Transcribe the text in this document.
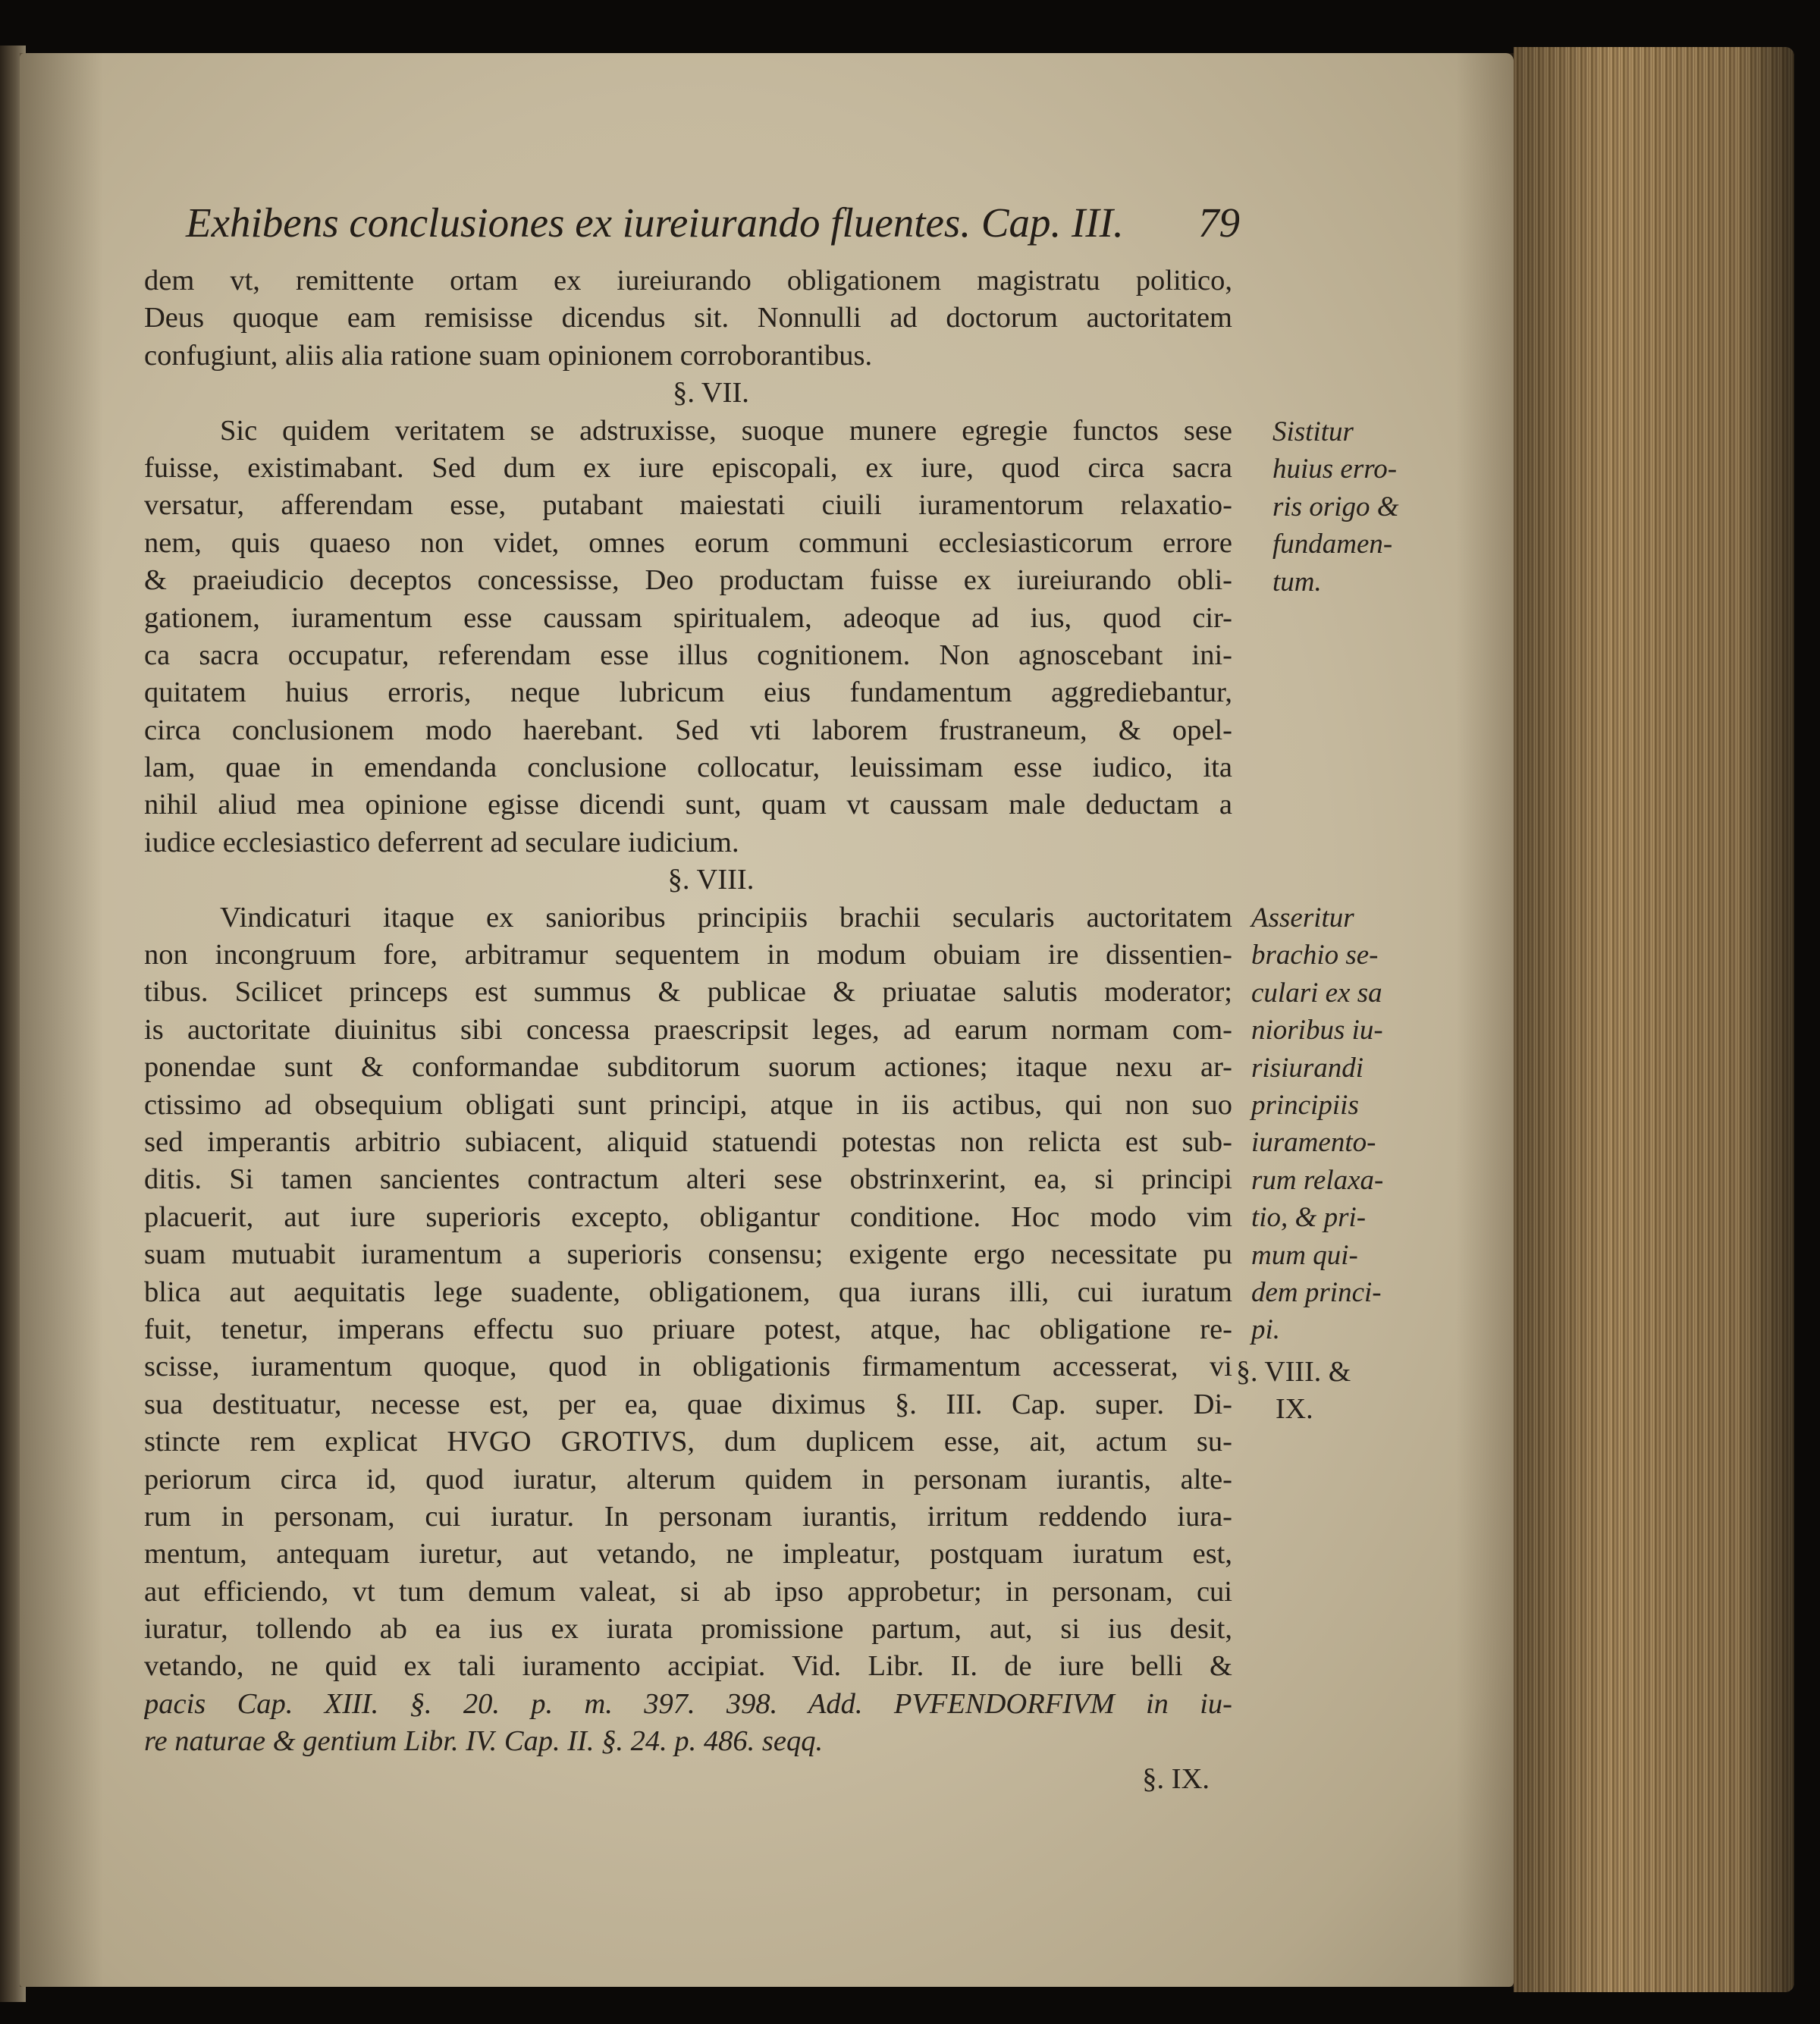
Exhibens conclusiones ex iureiurando fluentes. Cap. III.	79
dem vt, remittente ortam ex iureiurando obligationem magistratu politico,
Deus quoque eam remisisse dicendus sit. Nonnulli ad doctorum auctoritatem
confugiunt, aliis alia ratione suam opinionem corroborantibus.
§. VII.
Sic quidem veritatem se adstruxisse, suoque munere egregie functos sese
fuisse, existimabant. Sed dum ex iure episcopali, ex iure, quod circa sacra
versatur, afferendam esse, putabant maiestati ciuili iuramentorum relaxatio-
nem, quis quaeso non videt, omnes eorum communi ecclesiasticorum errore
& praeiudicio deceptos concessisse, Deo productam fuisse ex iureiurando obli-
gationem, iuramentum esse caussam spiritualem, adeoque ad ius, quod cir-
ca sacra occupatur, referendam esse illus cognitionem. Non agnoscebant ini-
quitatem huius erroris, neque lubricum eius fundamentum aggrediebantur,
circa conclusionem modo haerebant. Sed vti laborem frustraneum, & opel-
lam, quae in emendanda conclusione collocatur, leuissimam esse iudico, ita
nihil aliud mea opinione egisse dicendi sunt, quam vt caussam male deductam a
iudice ecclesiastico deferrent ad seculare iudicium.
§. VIII.
Vindicaturi itaque ex sanioribus principiis brachii secularis auctoritatem
non incongruum fore, arbitramur sequentem in modum obuiam ire dissentien-
tibus. Scilicet princeps est summus & publicae & priuatae salutis moderator;
is auctoritate diuinitus sibi concessa praescripsit leges, ad earum normam com-
ponendae sunt & conformandae subditorum suorum actiones; itaque nexu ar-
ctissimo ad obsequium obligati sunt principi, atque in iis actibus, qui non suo
sed imperantis arbitrio subiacent, aliquid statuendi potestas non relicta est sub-
ditis. Si tamen sancientes contractum alteri sese obstrinxerint, ea, si principi
placuerit, aut iure superioris excepto, obligantur conditione. Hoc modo vim
suam mutuabit iuramentum a superioris consensu; exigente ergo necessitate pu
blica aut aequitatis lege suadente, obligationem, qua iurans illi, cui iuratum
fuit, tenetur, imperans effectu suo priuare potest, atque, hac obligatione re-
scisse, iuramentum quoque, quod in obligationis firmamentum accesserat, vi
sua destituatur, necesse est, per ea, quae diximus §. III. Cap. super. Di-
stincte rem explicat HVGO GROTIVS, dum duplicem esse, ait, actum su-
periorum circa id, quod iuratur, alterum quidem in personam iurantis, alte-
rum in personam, cui iuratur. In personam iurantis, irritum reddendo iura-
mentum, antequam iuretur, aut vetando, ne impleatur, postquam iuratum est,
aut efficiendo, vt tum demum valeat, si ab ipso approbetur; in personam, cui
iuratur, tollendo ab ea ius ex iurata promissione partum, aut, si ius desit,
vetando, ne quid ex tali iuramento accipiat. Vid. Libr. II. de iure belli &
pacis Cap. XIII. §. 20. p. m. 397. 398. Add. PVFENDORFIVM in iu-
re naturae & gentium Libr. IV. Cap. II. §. 24. p. 486. seqq.
§. IX.
Sistitur
huius erro-
ris origo &
fundamen-
tum.
Asseritur
brachio se-
culari ex sa
nioribus iu-
risiurandi
principiis
iuramento-
rum relaxa-
tio, & pri-
mum qui-
dem princi-
pi.
§. VIII. &
IX.
